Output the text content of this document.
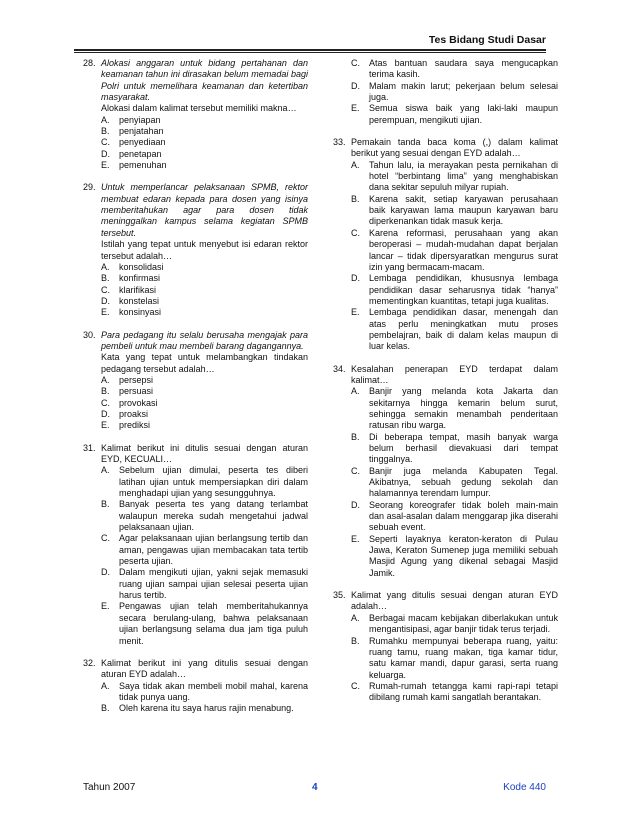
Tes Bidang Studi Dasar
28. Alokasi anggaran untuk bidang pertahanan dan keamanan tahun ini dirasakan belum memadai bagi Polri untuk memelihara keamanan dan ketertiban masyarakat.
Alokasi dalam kalimat tersebut memiliki makna…
A.	penyiapan
B.	penjatahan
C.	penyediaan
D.	penetapan
E.	pemenuhan
29. Untuk memperlancar pelaksanaan SPMB, rektor membuat edaran kepada para dosen yang isinya memberitahukan agar para dosen tidak meninggalkan kampus selama kegiatan SPMB tersebut.
Istilah yang tepat untuk menyebut isi edaran rektor tersebut adalah…
A.	konsolidasi
B.	konfirmasi
C.	klarifikasi
D.	konstelasi
E.	konsinyasi
30. Para pedagang itu selalu berusaha mengajak para pembeli untuk mau membeli barang dagangannya.
Kata yang tepat untuk melambangkan tindakan pedagang tersebut adalah…
A.	persepsi
B.	persuasi
C.	provokasi
D.	proaksi
E.	prediksi
31. Kalimat berikut ini ditulis sesuai dengan aturan EYD, KECUALI…
A.	Sebelum ujian dimulai, peserta tes diberi latihan ujian untuk mempersiapkan diri dalam menghadapi ujian yang sesungguhnya.
B.	Banyak peserta tes yang datang terlambat walaupun mereka sudah mengetahui jadwal pelaksanaan ujian.
C.	Agar pelaksanaan ujian berlangsung tertib dan aman, pengawas ujian membacakan tata tertib peserta ujian.
D.	Dalam mengikuti ujian, yakni sejak memasuki ruang ujian sampai ujian selesai peserta ujian harus tertib.
E.	Pengawas ujian telah memberitahukannya secara berulang-ulang, bahwa pelaksanaan ujian berlangsung selama dua jam tiga puluh menit.
32. Kalimat berikut ini yang ditulis sesuai dengan aturan EYD adalah…
A.	Saya tidak akan membeli mobil mahal, karena tidak punya uang.
B.	Oleh karena itu saya harus rajin menabung.
C.	Atas bantuan saudara saya mengucapkan terima kasih.
D.	Malam makin larut; pekerjaan belum selesai juga.
E.	Semua siswa baik yang laki-laki maupun perempuan, mengikuti ujian.
33. Pemakain tanda baca koma (,) dalam kalimat berikut yang sesuai dengan EYD adalah…
A.	Tahun lalu, ia merayakan pesta pernikahan di hotel “berbintang lima” yang menghabiskan dana sekitar sepuluh milyar rupiah.
B.	Karena sakit, setiap karyawan perusahaan baik karyawan lama maupun karyawan baru diperkenankan tidak masuk kerja.
C.	Karena reformasi, perusahaan yang akan beroperasi – mudah-mudahan dapat berjalan lancar – tidak dipersyaratkan mengurus surat izin yang bermacam-macam.
D.	Lembaga pendidikan, khususnya lembaga pendidikan dasar seharusnya tidak “hanya” mementingkan kuantitas, tetapi juga kualitas.
E.	Lembaga pendidikan dasar, menengah dan atas perlu meningkatkan mutu proses pembelajran, baik di dalam kelas maupun di luar kelas.
34. Kesalahan penerapan EYD terdapat dalam kalimat…
A.	Banjir yang melanda kota Jakarta dan sekitarnya hingga kemarin belum surut, sehingga semakin menambah penderitaan ratusan ribu warga.
B.	Di beberapa tempat, masih banyak warga belum berhasil dievakuasi dari tempat tinggalnya.
C.	Banjir juga melanda Kabupaten Tegal. Akibatnya, sebuah gedung sekolah dan halamannya terendam lumpur.
D.	Seorang koreografer tidak boleh main-main dan asal-asalan dalam menggarap jika diserahi sebuah event.
E.	Seperti layaknya keraton-keraton di Pulau Jawa, Keraton Sumenep juga memiliki sebuah Masjid Agung yang dikenal sebagai Masjid Jamik.
35. Kalimat yang ditulis sesuai dengan aturan EYD adalah…
A.	Berbagai macam kebijakan diberlakukan untuk mengantisipasi, agar banjir tidak terus terjadi.
B.	Rumahku mempunyai beberapa ruang, yaitu: ruang tamu, ruang makan, tiga kamar tidur, satu kamar mandi, dapur garasi, serta ruang keluarga.
C.	Rumah-rumah tetangga kami rapi-rapi tetapi dibilang rumah kami sangatlah berantakan.
Tahun 2007	4	Kode 440
